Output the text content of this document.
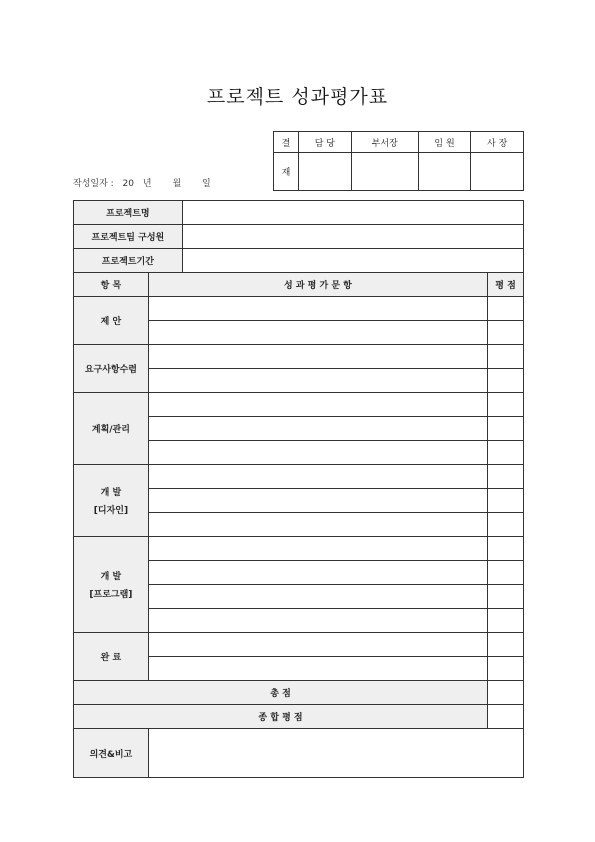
프로젝트 성과평가표
작성일자 : 20 년 월 일
결	담 당	부서장	임 원	사 장
재				
프로젝트명			
프로젝트팀 구성원			
프로젝트기간			
항 목	성 과 평 가 문 항		평 점

제 안			

요구사항수렴			

계획/관리			

개 발
[디자인]			

개 발
[프로그램]			

완 료			

총 점			
종 합 평 점			
의견&비고			
